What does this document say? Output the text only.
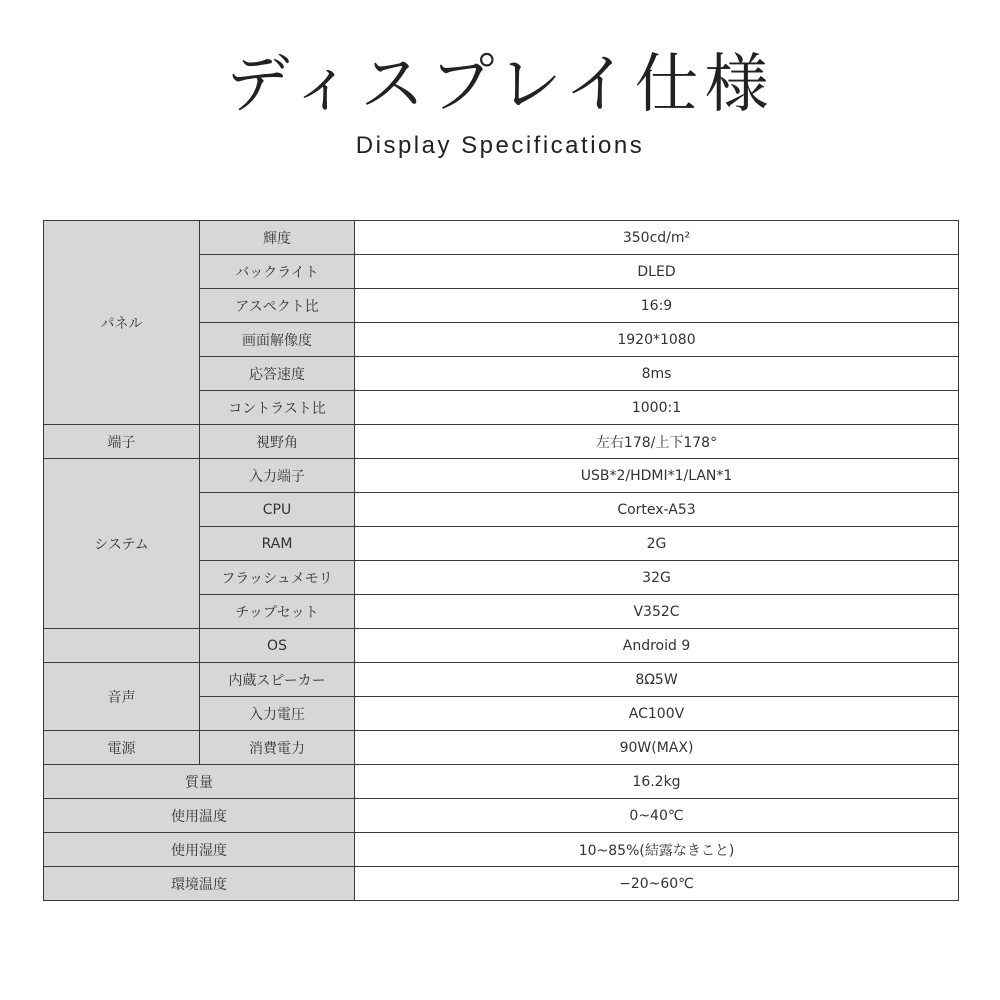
ディスプレイ仕様
Display Specifications
パネル	輝度	350cd/m²
	バックライト	DLED
	アスペクト比	16:9
	画面解像度	1920*1080
	応答速度	8ms
	コントラスト比	1000:1
端子	視野角	左右178/上下178°
システム	入力端子	USB*2/HDMI*1/LAN*1
	CPU	Cortex-A53
	RAM	2G
	フラッシュメモリ	32G
	チップセット	V352C
	OS	Android 9
音声	内蔵スピーカー	8Ω5W
	入力電圧	AC100V
電源	消費電力	90W(MAX)
質量		16.2kg
使用温度		0~40℃
使用湿度		10~85%(結露なきこと)
環境温度		−20~60℃
